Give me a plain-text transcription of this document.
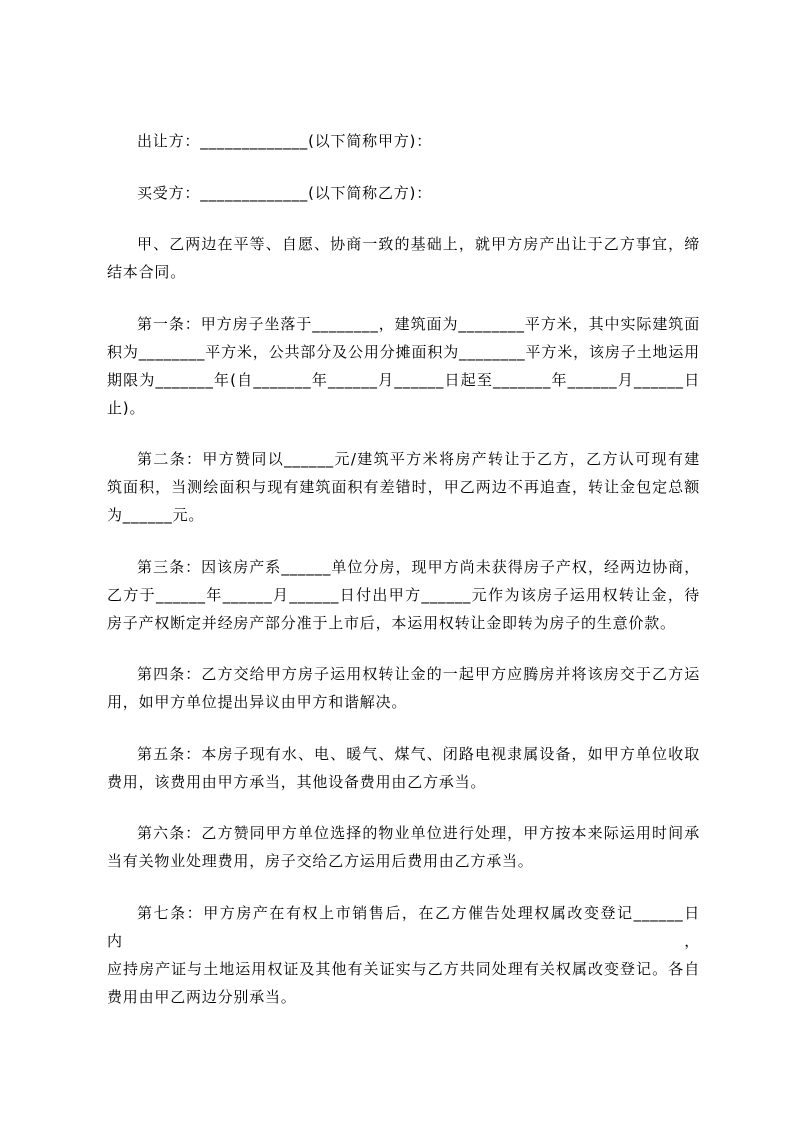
出让方：_____________(以下简称甲方)：
买受方：_____________(以下简称乙方)：
甲、乙两边在平等、自愿、协商一致的基础上，就甲方房产出让于乙方事宜，缔
结本合同。
第一条：甲方房子坐落于________，建筑面为________平方米，其中实际建筑面
积为________平方米，公共部分及公用分摊面积为________平方米，该房子土地运用
期限为_______年(自_______年______月______日起至_______年______月______日
止)。
第二条：甲方赞同以______元/建筑平方米将房产转让于乙方，乙方认可现有建
筑面积，当测绘面积与现有建筑面积有差错时，甲乙两边不再追查，转让金包定总额
为______元。
第三条：因该房产系______单位分房，现甲方尚未获得房子产权，经两边协商，
乙方于______年______月______日付出甲方______元作为该房子运用权转让金，待
房子产权断定并经房产部分准于上市后，本运用权转让金即转为房子的生意价款。
第四条：乙方交给甲方房子运用权转让金的一起甲方应腾房并将该房交于乙方运
用，如甲方单位提出异议由甲方和谐解决。
第五条：本房子现有水、电、暖气、煤气、闭路电视隶属设备，如甲方单位收取
费用，该费用由甲方承当，其他设备费用由乙方承当。
第六条：乙方赞同甲方单位选择的物业单位进行处理，甲方按本来际运用时间承
当有关物业处理费用，房子交给乙方运用后费用由乙方承当。
第七条：甲方房产在有权上市销售后，在乙方催告处理权属改变登记______日内，
应持房产证与土地运用权证及其他有关证实与乙方共同处理有关权属改变登记。各自
费用由甲乙两边分别承当。
